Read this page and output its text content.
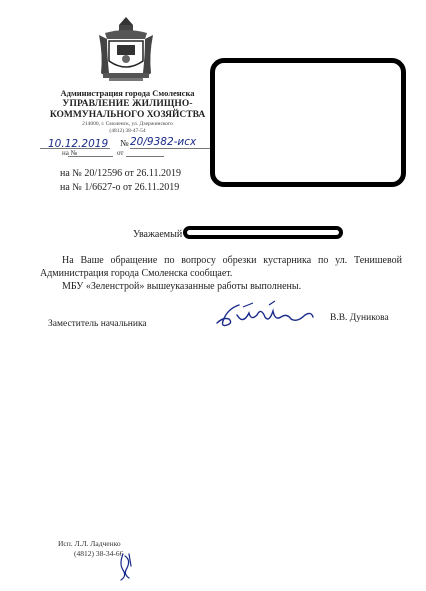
Администрация города Смоленска
УПРАВЛЕНИЕ ЖИЛИЩНО-
КОММУНАЛЬНОГО ХОЗЯЙСТВА
214000, г. Смоленск, ул. Дзержинского
(4812) 38-47-54
10.12.2019 № 20/9382-исх
на №	от
на № 20/12596 от 26.11.2019
на № 1/6627-о от 26.11.2019
Уважаемый
На Ваше обращение по вопросу обрезки кустарника по ул. Тенишевой
Администрация города Смоленска сообщает.
МБУ «Зеленстрой» вышеуказанные работы выполнены.
Заместитель начальника
В.В. Дуникова
Исп. Л.Л. Ладченко
(4812) 38-34-66
